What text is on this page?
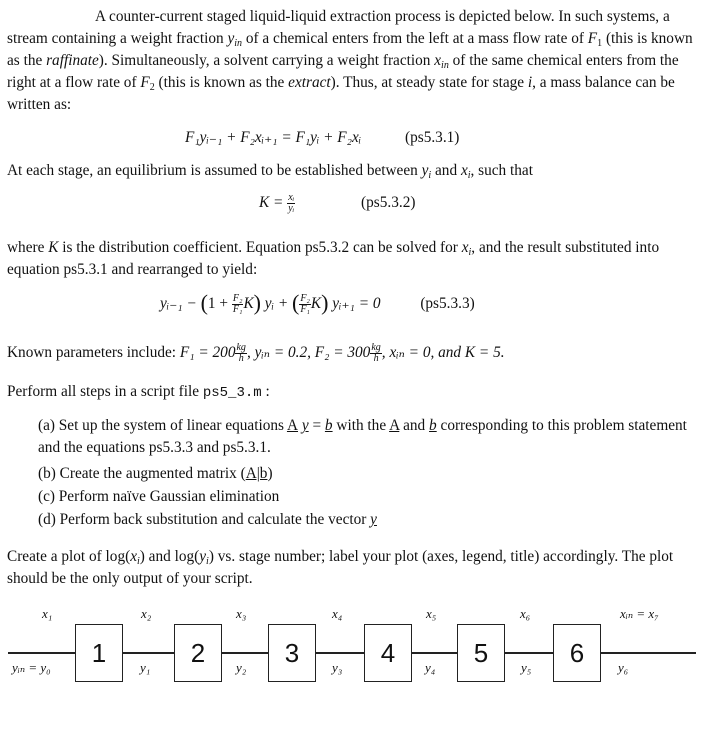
A counter-current staged liquid-liquid extraction process is depicted below. In such systems, a stream containing a weight fraction $y_{in}$ of a chemical enters from the left at a mass flow rate of $F_1$ (this is known as the raffinate). Simultaneously, a solvent carrying a weight fraction $x_{in}$ of the same chemical enters from the right at a flow rate of $F_2$ (this is known as the extract). Thus, at steady state for stage i, a mass balance can be written as:

F₁yᵢ₋₁ + F₂xᵢ₊₁ = F₁yᵢ + F₂xᵢ	(ps5.3.1)

At each stage, an equilibrium is assumed to be established between $y_i$ and $x_i$, such that

$K = \frac{\text{xᵢ}}{\text{yᵢ}}$	(ps5.3.2)

where K is the distribution coefficient. Equation ps5.3.2 can be solved for $x_i$, and the result substituted into equation ps5.3.1 and rearranged to yield:

yᵢ₋₁ − $(1 + \frac{\text{F₂}}{\text{F₁}} K)$ yᵢ + ( $\frac{\text{F₂}}{\text{F₁}} K$) yᵢ₊₁ = 0	(ps5.3.3)
Known parameters include: $F_1 = 200 \frac{kg}{h}$ , yᵢₙ = 0.2, $F_2 = 300 \frac{kg}{h}$ , xᵢₙ = 0, and K = 5.

Perform all steps in a script file ps5_3.m :

(a) Set up the system of linear equations A y = b with the A and b corresponding to this problem statement and the equations ps5.3.3 and ps5.3.1.

(b) Create the augmented matrix (A|b)

(c) Perform naïve Gaussian elimination

(d) Perform back substitution and calculate the vector y

Create a plot of $\log(x_i)$ and $\log(y_i)$ vs. stage number; label your plot (axes, legend, title) accordingly. The plot should be the only output of your script.

1	2	3	4	5	6
x₁	x₂	x₃	x₄	x₅	x₆	xᵢₙ = x₇
yᵢₙ = y₀	y₁	y₂	y₃	y₄	y₅	y₆
